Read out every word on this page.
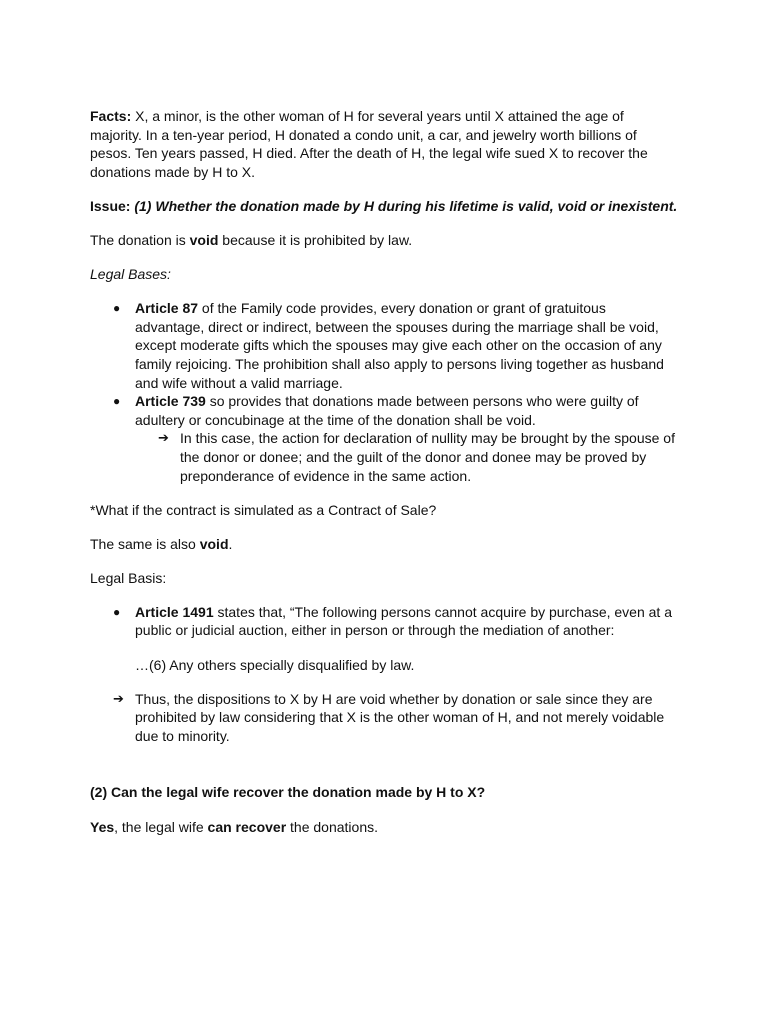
Facts: X, a minor, is the other woman of H for several years until X attained the age of majority. In a ten-year period, H donated a condo unit, a car, and jewelry worth billions of pesos. Ten years passed, H died. After the death of H, the legal wife sued X to recover the donations made by H to X.

Issue: (1) Whether the donation made by H during his lifetime is valid, void or inexistent.

The donation is void because it is prohibited by law.

Legal Bases:

● Article 87 of the Family code provides, every donation or grant of gratuitous advantage, direct or indirect, between the spouses during the marriage shall be void, except moderate gifts which the spouses may give each other on the occasion of any family rejoicing. The prohibition shall also apply to persons living together as husband and wife without a valid marriage.
● Article 739 so provides that donations made between persons who were guilty of adultery or concubinage at the time of the donation shall be void.
➔ In this case, the action for declaration of nullity may be brought by the spouse of the donor or donee; and the guilt of the donor and donee may be proved by preponderance of evidence in the same action.

*What if the contract is simulated as a Contract of Sale?

The same is also void.

Legal Basis:

● Article 1491 states that, “The following persons cannot acquire by purchase, even at a public or judicial auction, either in person or through the mediation of another:

…(6) Any others specially disqualified by law.

➔ Thus, the dispositions to X by H are void whether by donation or sale since they are prohibited by law considering that X is the other woman of H, and not merely voidable due to minority.

(2) Can the legal wife recover the donation made by H to X?

Yes, the legal wife can recover the donations.
